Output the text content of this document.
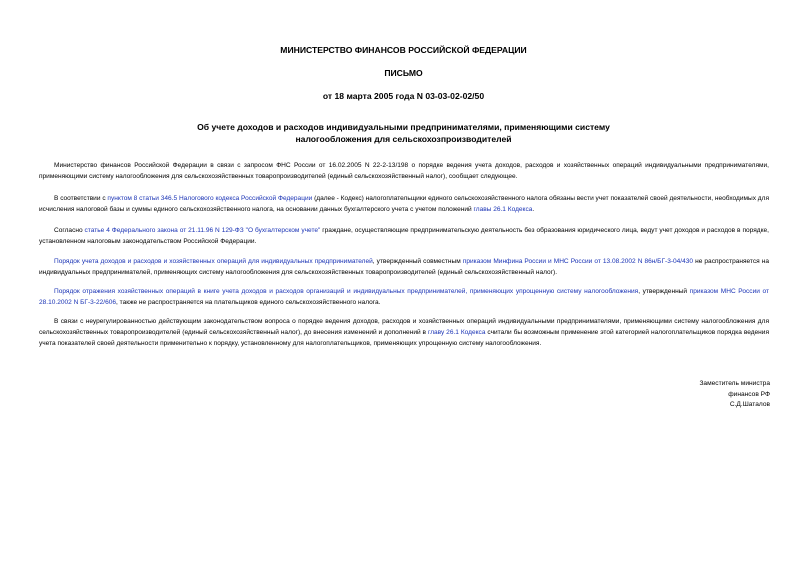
МИНИСТЕРСТВО ФИНАНСОВ РОССИЙСКОЙ ФЕДЕРАЦИИ

ПИСЬМО

от 18 марта 2005 года N 03-03-02-02/50

Об учете доходов и расходов индивидуальными предпринимателями, применяющими систему
налогообложения для сельскохозпроизводителей

Министерство финансов Российской Федерации в связи с запросом ФНС России от 16.02.2005 N 22-2-13/198 о порядке ведения учета доходов, расходов и хозяйственных операций индивидуальными предпринимателями, применяющими систему налогообложения для сельскохозяйственных товаропроизводителей (единый сельскохозяйственный налог), сообщает следующее.

В соответствии с пунктом 8 статьи 346.5 Налогового кодекса Российской Федерации (далее - Кодекс) налогоплательщики единого сельскохозяйственного налога обязаны вести учет показателей своей деятельности, необходимых для исчисления налоговой базы и суммы единого сельскохозяйственного налога, на основании данных бухгалтерского учета с учетом положений главы 26.1 Кодекса.

Согласно статье 4 Федерального закона от 21.11.96 N 129-ФЗ "О бухгалтерском учете" граждане, осуществляющие предпринимательскую деятельность без образования юридического лица, ведут учет доходов и расходов в порядке, установленном налоговым законодательством Российской Федерации.

Порядок учета доходов и расходов и хозяйственных операций для индивидуальных предпринимателей, утвержденный совместным приказом Минфина России и МНС России от 13.08.2002 N 86н/БГ-3-04/430 не распространяется на индивидуальных предпринимателей, применяющих систему налогообложения для сельскохозяйственных товаропроизводителей (единый сельскохозяйственный налог).

Порядок отражения хозяйственных операций в книге учета доходов и расходов организаций и индивидуальных предпринимателей, применяющих упрощенную систему налогообложения, утвержденный приказом МНС России от 28.10.2002 N БГ-3-22/606, также не распространяется на плательщиков единого сельскохозяйственного налога.

В связи с неурегулированностью действующим законодательством вопроса о порядке ведения доходов, расходов и хозяйственных операций индивидуальными предпринимателями, применяющими систему налогообложения для сельскохозяйственных товаропроизводителей (единый сельскохозяйственный налог), до внесения изменений и дополнений в главу 26.1 Кодекса считали бы возможным применение этой категорией налогоплательщиков порядка ведения учета показателей своей деятельности применительно к порядку, установленному для налогоплательщиков, применяющих упрощенную систему налогообложения.

Заместитель министра

финансов РФ

С.Д.Шаталов
